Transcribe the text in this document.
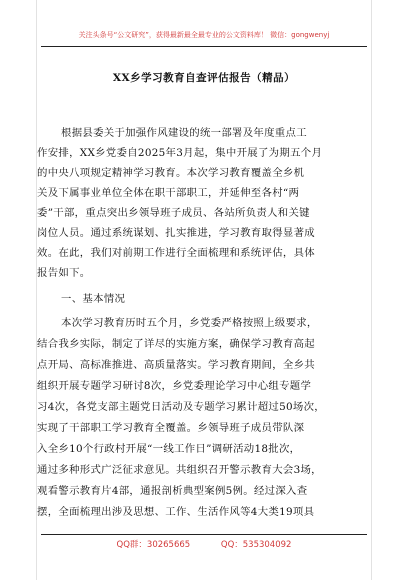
关注头条号“公文研究”，获得最新最全最专业的公文资料库！ 微信：gongwenyj
XX乡学习教育自查评估报告（精品）
根据县委关于加强作风建设的统一部署及年度重点工
作安排，XX乡党委自2025年3月起，集中开展了为期五个月
的中央八项规定精神学习教育。本次学习教育覆盖全乡机
关及下属事业单位全体在职干部职工，并延伸至各村“两
委”干部，重点突出乡领导班子成员、各站所负责人和关键
岗位人员。通过系统谋划、扎实推进，学习教育取得显著成
效。在此，我们对前期工作进行全面梳理和系统评估，具体
报告如下。
一、基本情况
本次学习教育历时五个月，乡党委严格按照上级要求，
结合我乡实际，制定了详尽的实施方案，确保学习教育高起
点开局、高标准推进、高质量落实。学习教育期间，全乡共
组织开展专题学习研讨8次，乡党委理论学习中心组专题学
习4次，各党支部主题党日活动及专题学习累计超过50场次，
实现了干部职工学习教育全覆盖。乡领导班子成员带队深
入全乡10个行政村开展“一线工作日”调研活动18批次，
通过多种形式广泛征求意见。共组织召开警示教育大会3场，
观看警示教育片4部，通报剖析典型案例5例。经过深入查
摆，全面梳理出涉及思想、工作、生活作风等4大类19项具
QQ群：30265665	QQ：535304092
